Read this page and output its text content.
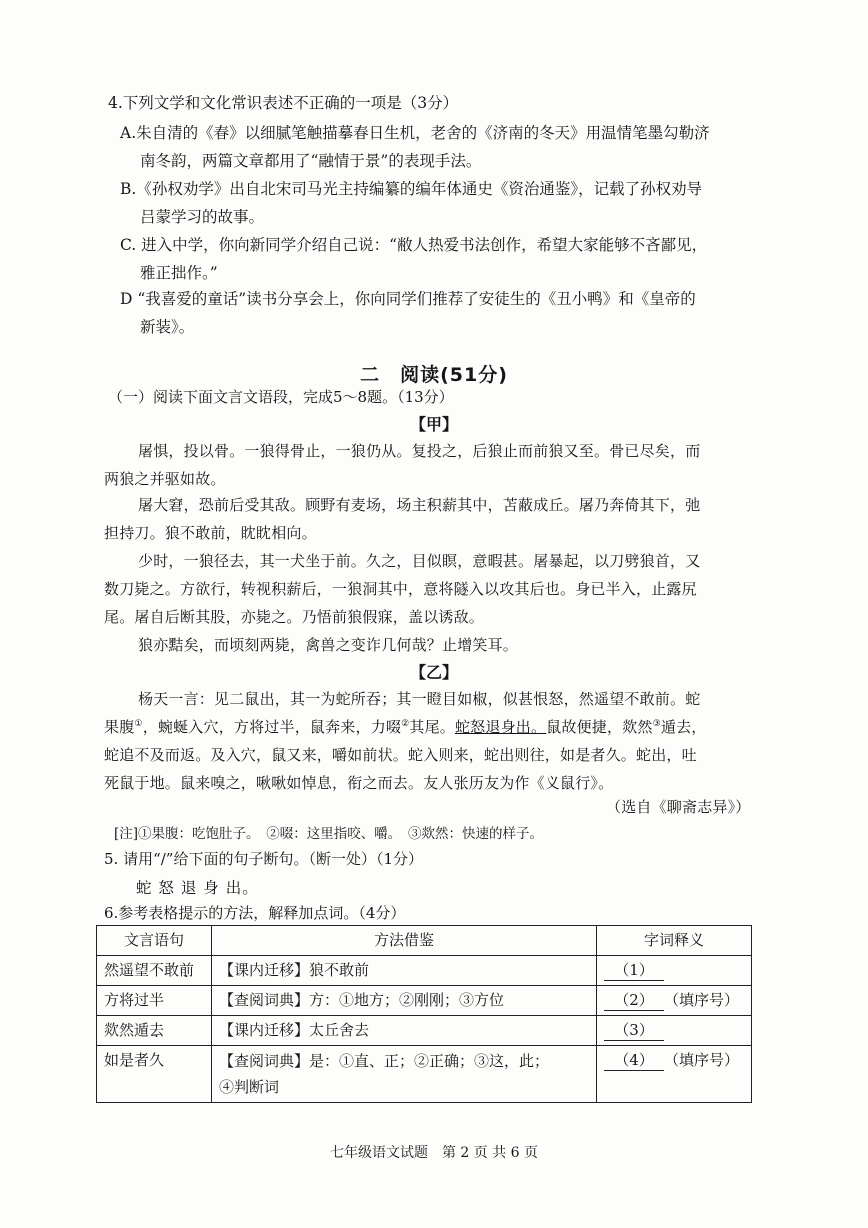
4.下列文学和文化常识表述不正确的一项是（3分）
A.朱自清的《春》以细腻笔触描摹春日生机，老舍的《济南的冬天》用温情笔墨勾勒济
南冬韵，两篇文章都用了“融情于景”的表现手法。
B.《孙权劝学》出自北宋司马光主持编纂的编年体通史《资治通鉴》，记载了孙权劝导
吕蒙学习的故事。
C. 进入中学，你向新同学介绍自己说：“敝人热爱书法创作，希望大家能够不吝鄙见，
雅正拙作。”
D “我喜爱的童话”读书分享会上，你向同学们推荐了安徒生的《丑小鸭》和《皇帝的
新装》。
二　阅读(51分)
（一）阅读下面文言文语段，完成5～8题。（13分）
【甲】
屠惧，投以骨。一狼得骨止，一狼仍从。复投之，后狼止而前狼又至。骨已尽矣，而
两狼之并驱如故。
屠大窘，恐前后受其敌。顾野有麦场，场主积薪其中，苫蔽成丘。屠乃奔倚其下，弛
担持刀。狼不敢前，眈眈相向。
少时，一狼径去，其一犬坐于前。久之，目似瞑，意暇甚。屠暴起，以刀劈狼首，又
数刀毙之。方欲行，转视积薪后，一狼洞其中，意将隧入以攻其后也。身已半入，止露尻
尾。屠自后断其股，亦毙之。乃悟前狼假寐，盖以诱敌。
狼亦黠矣，而顷刻两毙，禽兽之变诈几何哉？止增笑耳。
【乙】
杨天一言：见二鼠出，其一为蛇所吞；其一瞪目如椒，似甚恨怒，然遥望不敢前。蛇
果腹①，蜿蜒入穴，方将过半，鼠奔来，力啜②其尾。蛇怒退身出。鼠故便捷，欻然③遁去，
蛇追不及而返。及入穴，鼠又来，嚼如前状。蛇入则来，蛇出则往，如是者久。蛇出，吐
死鼠于地。鼠来嗅之，啾啾如悼息，衔之而去。友人张历友为作《义鼠行》。
（选自《聊斋志异》）
[注]①果腹：吃饱肚子。　②啜：这里指咬、嚼。　③欻然：快速的样子。
5. 请用“/”给下面的句子断句。（断一处）（1分）
蛇 怒 退 身 出。
6.参考表格提示的方法，解释加点词。（4分）
文言语句	方法借鉴	字词释义
然遥望不敢前	【课内迁移】狼不敢前	（1）
方将过半	【查阅词典】方：①地方；②刚刚；③方位	（2） （填序号）
欻然遁去	【课内迁移】太丘舍去	（3）
如是者久	【查阅词典】是：①直、正；②正确；③这，此；
④判断词	（4） （填序号）
七年级语文试题　第 2 页 共 6 页
